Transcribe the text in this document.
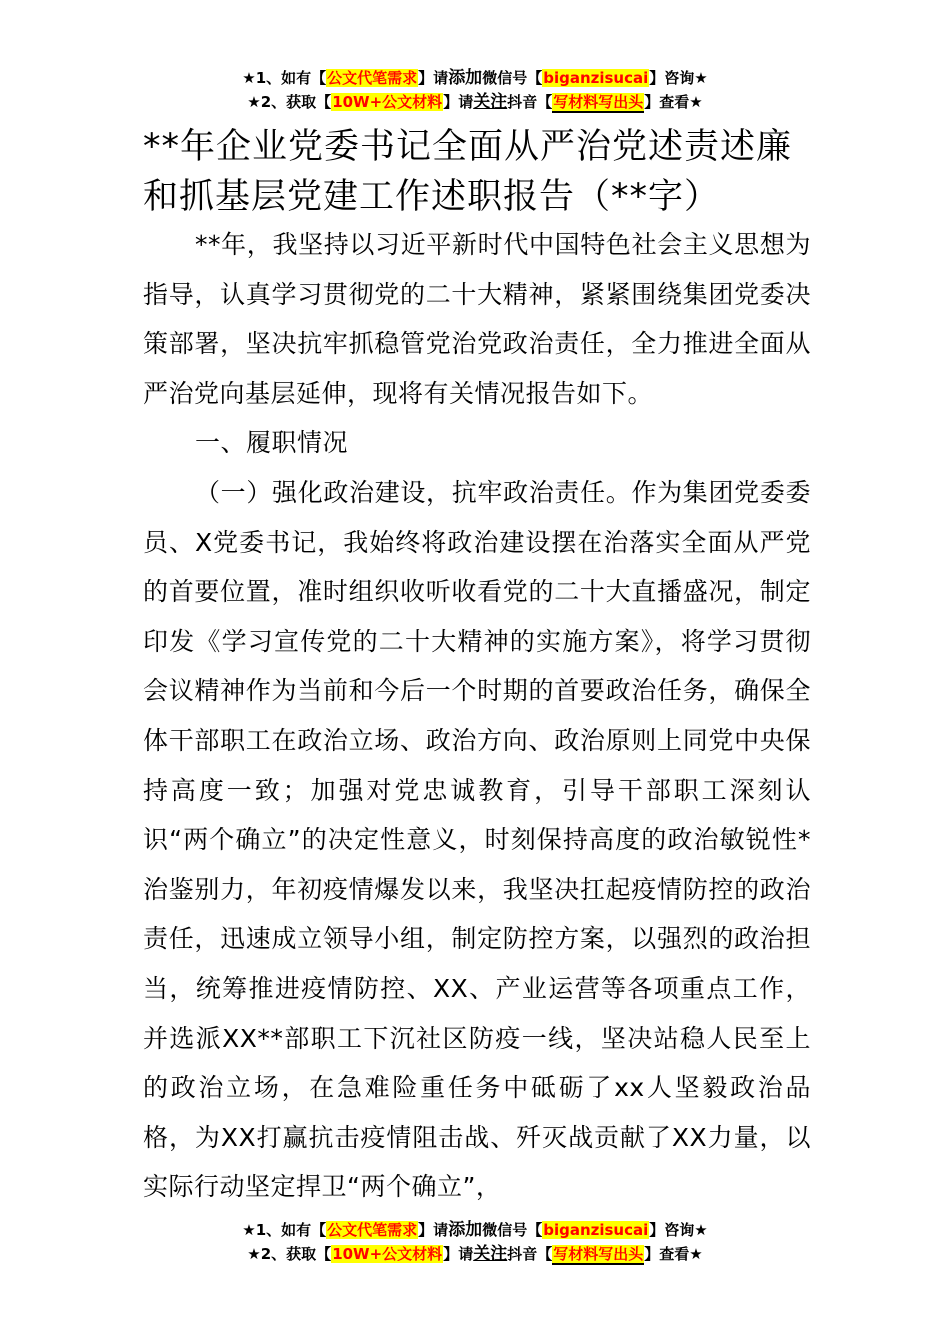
★1、如有【公文代笔需求】请添加微信号【biganzisucai】咨询★
★2、获取【10W+公文材料】请关注抖音【写材料写出头】查看★
**年企业党委书记全面从严治党述责述廉和抓基层党建工作述职报告（**字）

**年，我坚持以习近平新时代中国特色社会主义思想为指导，认真学习贯彻党的二十大精神，紧紧围绕集团党委决策部署，坚决抗牢抓稳管党治党政治责任，全力推进全面从严治党向基层延伸，现将有关情况报告如下。

一、履职情况

（一）强化政治建设，抗牢政治责任。作为集团党委委员、X党委书记，我始终将政治建设摆在治落实全面从严党的首要位置，准时组织收听收看党的二十大直播盛况，制定印发《学习宣传党的二十大精神的实施方案》，将学习贯彻会议精神作为当前和今后一个时期的首要政治任务，确保全体干部职工在政治立场、政治方向、政治原则上同党中央保持高度一致；加强对党忠诚教育，引导干部职工深刻认识“两个确立”的决定性意义，时刻保持高度的政治敏锐性*治鉴别力，年初疫情爆发以来，我坚决扛起疫情防控的政治责任，迅速成立领导小组，制定防控方案，以强烈的政治担当，统筹推进疫情防控、XX、产业运营等各项重点工作，并选派XX**部职工下沉社区防疫一线，坚决站稳人民至上的政治立场，在急难险重任务中砥砺了xx人坚毅政治品格，为XX打赢抗击疫情阻击战、歼灭战贡献了XX力量，以实际行动坚定捍卫“两个确立”，

★1、如有【公文代笔需求】请添加微信号【biganzisucai】咨询★
★2、获取【10W+公文材料】请关注抖音【写材料写出头】查看★
